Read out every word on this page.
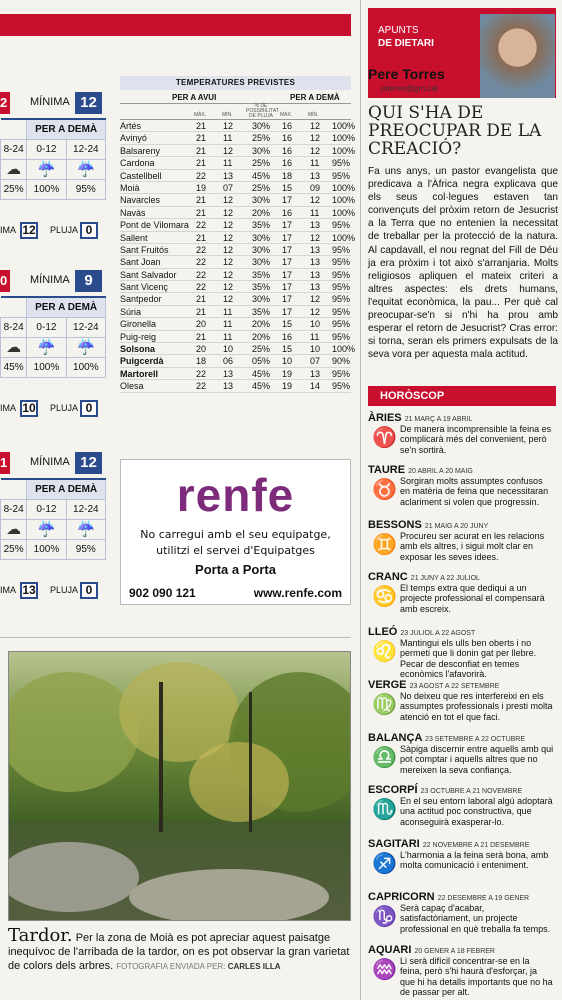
2 MÍNIMA 12
	PER A DEMÀ	
8-24	0-12	12-24
☁	☔	☔
25%	100%	95%
IMA 12 PLUJA 0
0 MÍNIMA 9
	PER A DEMÀ	
8-24	0-12	12-24
☁	☔	☔
45%	100%	100%
IMA 10 PLUJA 0
1 MÍNIMA 12
	PER A DEMÀ	
8-24	0-12	12-24
☁	☔	☔
25%	100%	95%
IMA 13 PLUJA 0
TEMPERATURES PREVISTES
PER A AVUI	PER A DEMÀ
MÀX.	MÍN.
% DE POSSIBILITAT DE PLUJA	MÀX.	MÍN.
Artés	21 12 30% 16 12 100%
Avinyó	21 11 25% 16 12 100%
Balsareny	21 12 30% 16 12 100%
Cardona	21 11 25% 16 11 95%
Castellbell	22 13 45% 18 13 95%
Moià	19 07 25% 15 09 100%
Navarcles	21 12 30% 17 12 100%
Navàs	21 12 20% 16 11 100%
Pont de Vilomara 22 12 35% 17 13 95%
Sallent	21 12 30% 17 12 100%
Sant Fruitós	22 12 30% 17 13 95%
Sant Joan	22 12 30% 17 13 95%
Sant Salvador 22 12 35% 17 13 95%
Sant Vicenç	22 12 35% 17 13 95%
Santpedor	21 12 30% 17 12 95%
Súria	21 11 35% 17 12 95%
Gironella	20 11 20% 15 10 95%
Puig-reig	21 11 20% 16 11 95%
Solsona	20 10 25% 15 10 100%
Puigcerdà	18 06 05% 10 07 90%
Martorell	22 13 45% 19 13 95%
Olesa	22 13 45% 19 14 95%
renfe
No carregui amb el seu equipatge,
utilitzi el servei d'Equipatges
Porta a Porta
902 090 121	www.renfe.com
Tardor. Per la zona de Moià es pot apreciar aquest paisatge inequívoc de l'arribada de la tardor, on es pot observar la gran varietat de colors dels arbres. FOTOGRAFIA ENVIADA PER: CARLES ILLA
APUNTS
DE DIETARI
Pere Torres
ptorres@gm.cat
QUI S'HA DE PREOCUPAR DE LA CREACIÓ?
Fa uns anys, un pastor evangelista que predicava a l'Àfrica negra explicava que els seus col·legues estaven tan convençuts del pròxim retorn de Jesucrist a la Terra que no entenien la necessitat de treballar per la protecció de la natura. Al capdavall, el nou regnat del Fill de Déu ja era pròxim i tot això s'arranjaria. Molts religiosos apliquen el mateix criteri a altres aspectes: els drets humans, l'equitat econòmica, la pau... Per què cal preocupar-se'n si n'hi ha prou amb esperar el retorn de Jesucrist? Cras error: si torna, seran els primers expulsats de la seva vora per aquesta mala actitud.
HORÒSCOP
ÀRIES 21 MARÇ A 19 ABRIL
♈ De manera incomprensible la feina es complicarà més del convenient, però se'n sortirà.
TAURE 20 ABRIL A 20 MAIG
♉ Sorgiran molts assumptes confusos en matèria de feina que necessitaran aclariment si volen que progressin.
BESSONS 21 MAIG A 20 JUNY
♊ Procureu ser acurat en les relacions amb els altres, i sigui molt clar en exposar les seves idees.
CRANC 21 JUNY A 22 JULIOL
♋ El temps extra que dediqui a un projecte professional el compensarà amb escreix.
LLEÓ 23 JULIOL A 22 AGOST
♌ Mantingui els ulls ben oberts i no permeti que li donin gat per llebre. Pecar de desconfiat en temes econòmics l'afavorirà.
VERGE 23 AGOST A 22 SETEMBRE
♍ No deixeu que res interfereixi en els assumptes professionals i presti molta atenció en tot el que faci.
BALANÇA 23 SETEMBRE A 22 OCTUBRE
♎ Sàpiga discernir entre aquells amb qui pot comptar i aquells altres que no mereixen la seva confiança.
ESCORPÍ 23 OCTUBRE A 21 NOVEMBRE
♏ En el seu entorn laboral algú adoptarà una actitud poc constructiva, que aconseguirà exasperar-lo.
SAGITARI 22 NOVEMBRE A 21 DESEMBRE
♐ L'harmonia a la feina serà bona, amb molta comunicació i enteniment.
CAPRICORN 22 DESEMBRE A 19 GENER
♑ Serà capaç d'acabar, satisfactòriament, un projecte professional en què treballa fa temps.
AQUARI 20 GENER A 18 FEBRER
♒ Li serà difícil concentrar-se en la feina, però s'hi haurà d'esforçar, ja que hi ha detalls importants que no ha de passar per alt.
